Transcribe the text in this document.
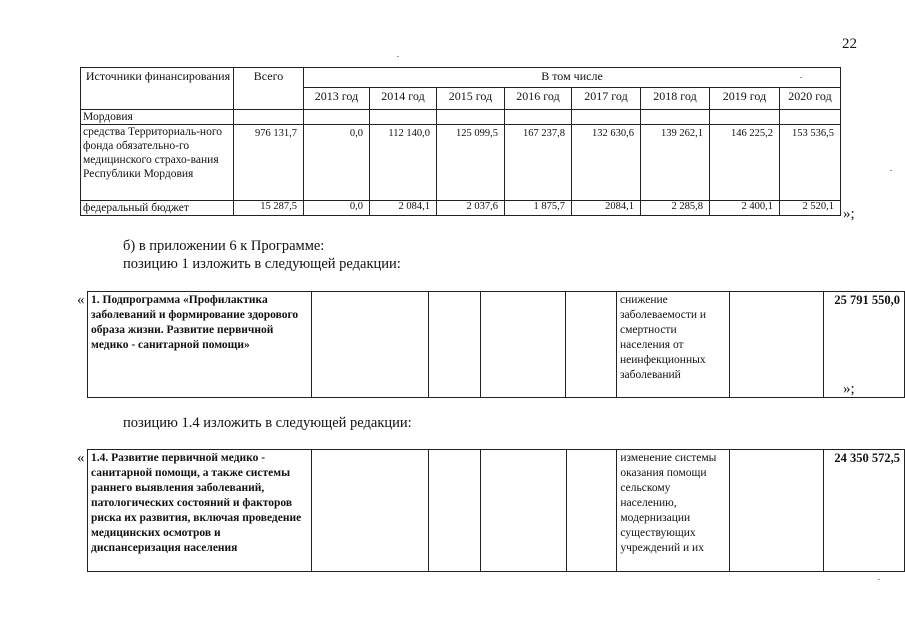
22
Источники финансирования	Всего	В том числе							
		2013 год	2014 год	2015 год	2016 год	2017 год	2018 год	2019 год	2020 год
Мордовия									
средства Территориаль-ного фонда обязательно-го медицинского страхо-вания Республики Мордовия	976 131,7	0,0	112 140,0	125 099,5	167 237,8	132 630,6	139 262,1	146 225,2	153 536,5
федеральный бюджет	15 287,5	0,0	2 084,1	2 037,6	1 875,7	2084,1	2 285,8	2 400,1	2 520,1 »;
б) в приложении 6 к Программе:
позицию 1 изложить в следующей редакции:
« 1. Подпрограмма «Профилактика заболеваний и формирование здорового образа жизни. Развитие первичной медико - санитарной помощи»					снижение заболеваемости и смертности населения от неинфекционных заболеваний		25 791 550,0
»;
позицию 1.4 изложить в следующей редакции:
« 1.4. Развитие первичной медико - санитарной помощи, а также системы раннего выявления заболеваний, патологических состояний и факторов риска их развития, включая проведение медицинских осмотров и диспансеризация населения					изменение системы оказания помощи сельскому населению, модернизации существующих учреждений и их		24 350 572,5
